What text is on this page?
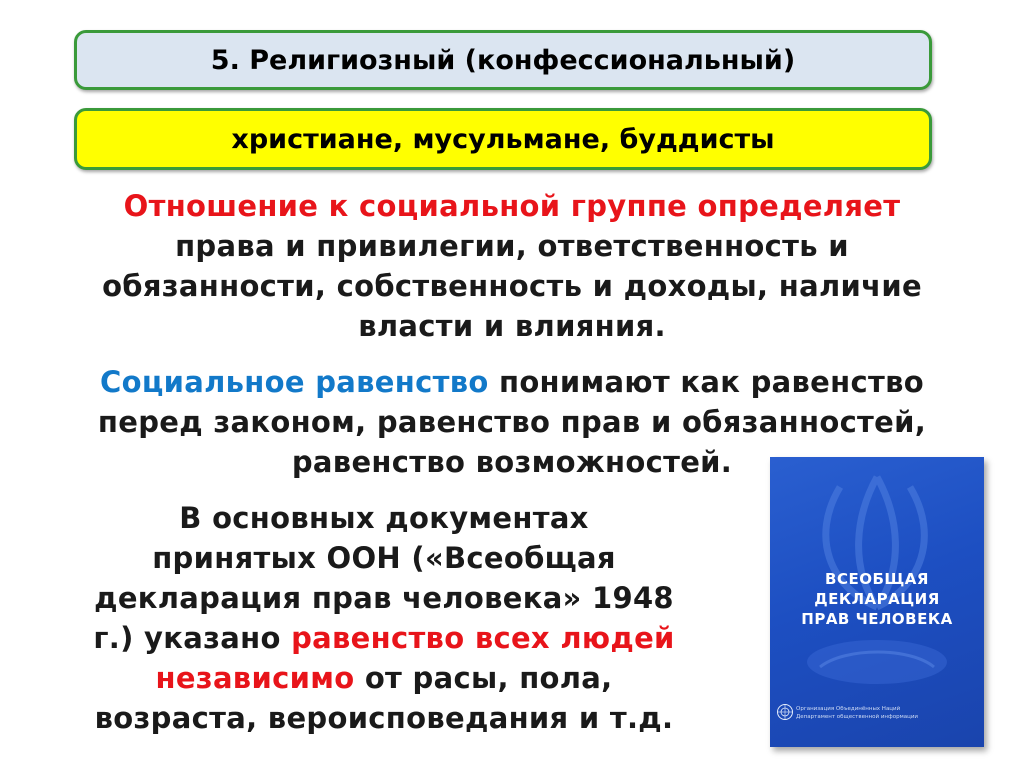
5. Религиозный (конфессиональный)
христиане, мусульмане, буддисты
Отношение к социальной группе определяет
права и привилегии, ответственность и
обязанности, собственность и доходы, наличие
власти и влияния.
Социальное равенство понимают как равенство
перед законом, равенство прав и обязанностей,
равенство возможностей.
В основных документах
принятых ООН («Всеобщая
декларация прав человека» 1948
г.) указано равенство всех людей
независимо от расы, пола,
возраста, вероисповедания и т.д.
ВСЕОБЩАЯ
ДЕКЛАРАЦИЯ
ПРАВ ЧЕЛОВЕКА
Организация Объединённых Наций
Департамент общественной информации
